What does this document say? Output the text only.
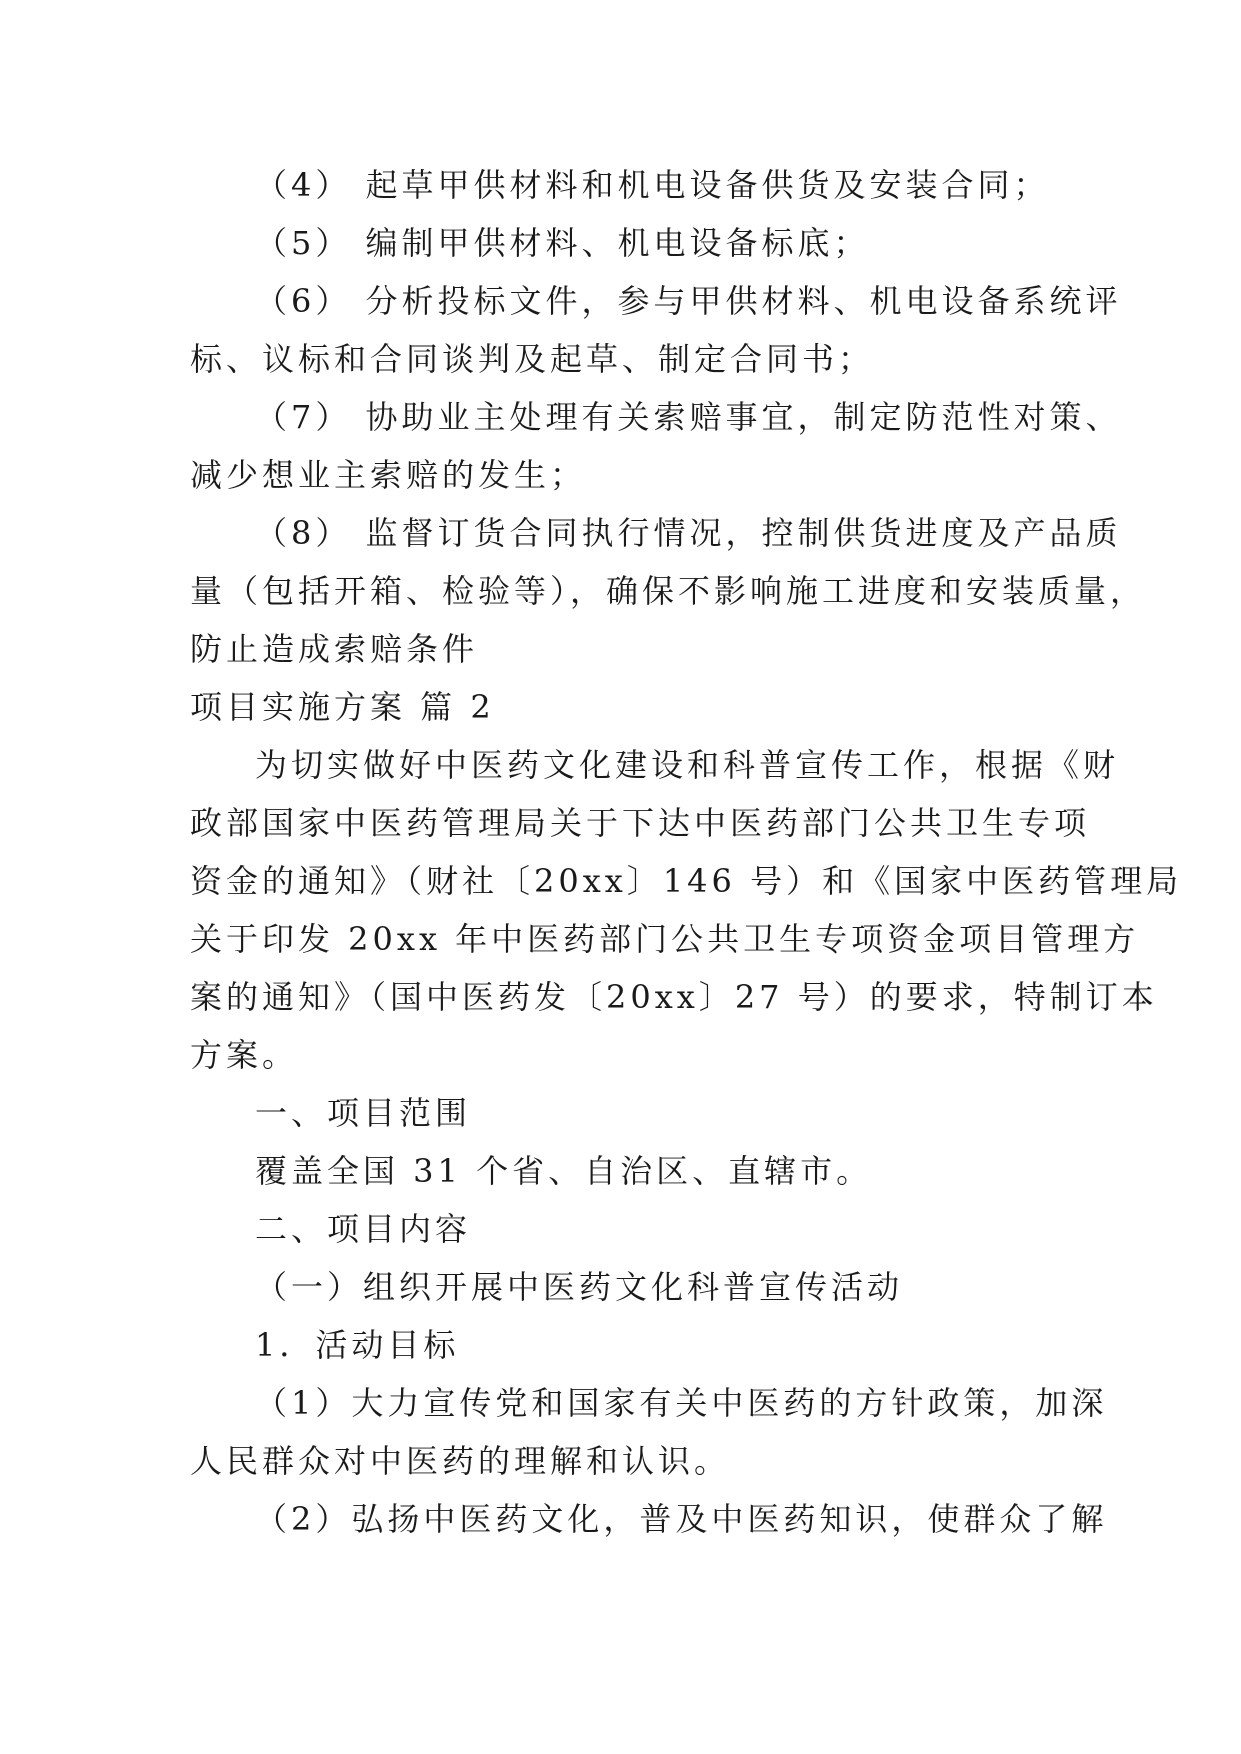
（4） 起草甲供材料和机电设备供货及安装合同；
（5） 编制甲供材料、机电设备标底；
（6） 分析投标文件，参与甲供材料、机电设备系统评
标、议标和合同谈判及起草、制定合同书；
（7） 协助业主处理有关索赔事宜，制定防范性对策、
减少想业主索赔的发生；
（8） 监督订货合同执行情况，控制供货进度及产品质
量（包括开箱、检验等），确保不影响施工进度和安装质量，
防止造成索赔条件
项目实施方案 篇 2
为切实做好中医药文化建设和科普宣传工作，根据《财
政部国家中医药管理局关于下达中医药部门公共卫生专项
资金的通知》（财社〔20xx〕146 号）和《国家中医药管理局
关于印发 20xx 年中医药部门公共卫生专项资金项目管理方
案的通知》（国中医药发〔20xx〕27 号）的要求，特制订本
方案。
一、项目范围
覆盖全国 31 个省、自治区、直辖市。
二、项目内容
（一）组织开展中医药文化科普宣传活动
1．活动目标
（1）大力宣传党和国家有关中医药的方针政策，加深
人民群众对中医药的理解和认识。
（2）弘扬中医药文化，普及中医药知识，使群众了解
